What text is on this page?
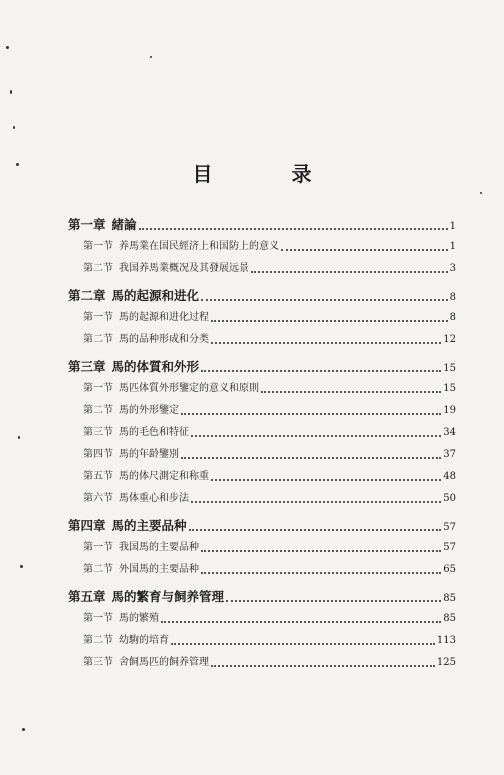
目 录
第一章 緒論	1
第一节 养馬業在国民經济上和国防上的意义	1
第二节 我国养馬業概况及其發展远景	3
第二章 馬的起源和进化	8
第一节 馬的起源和进化过程	8
第二节 馬的品种形成和分类	12
第三章 馬的体質和外形	15
第一节 馬匹体質外形鑒定的意义和原則	15
第二节 馬的外形鑒定	19
第三节 馬的毛色和特征	34
第四节 馬的年龄鑒別	37
第五节 馬的体尺測定和称重	48
第六节 馬体重心和步法	50
第四章 馬的主要品种	57
第一节 我国馬的主要品种	57
第二节 外国馬的主要品种	65
第五章 馬的繁育与飼养管理	85
第一节 馬的繁殖	85
第二节 幼駒的培育	113
第三节 舍飼馬匹的飼养管理	125
